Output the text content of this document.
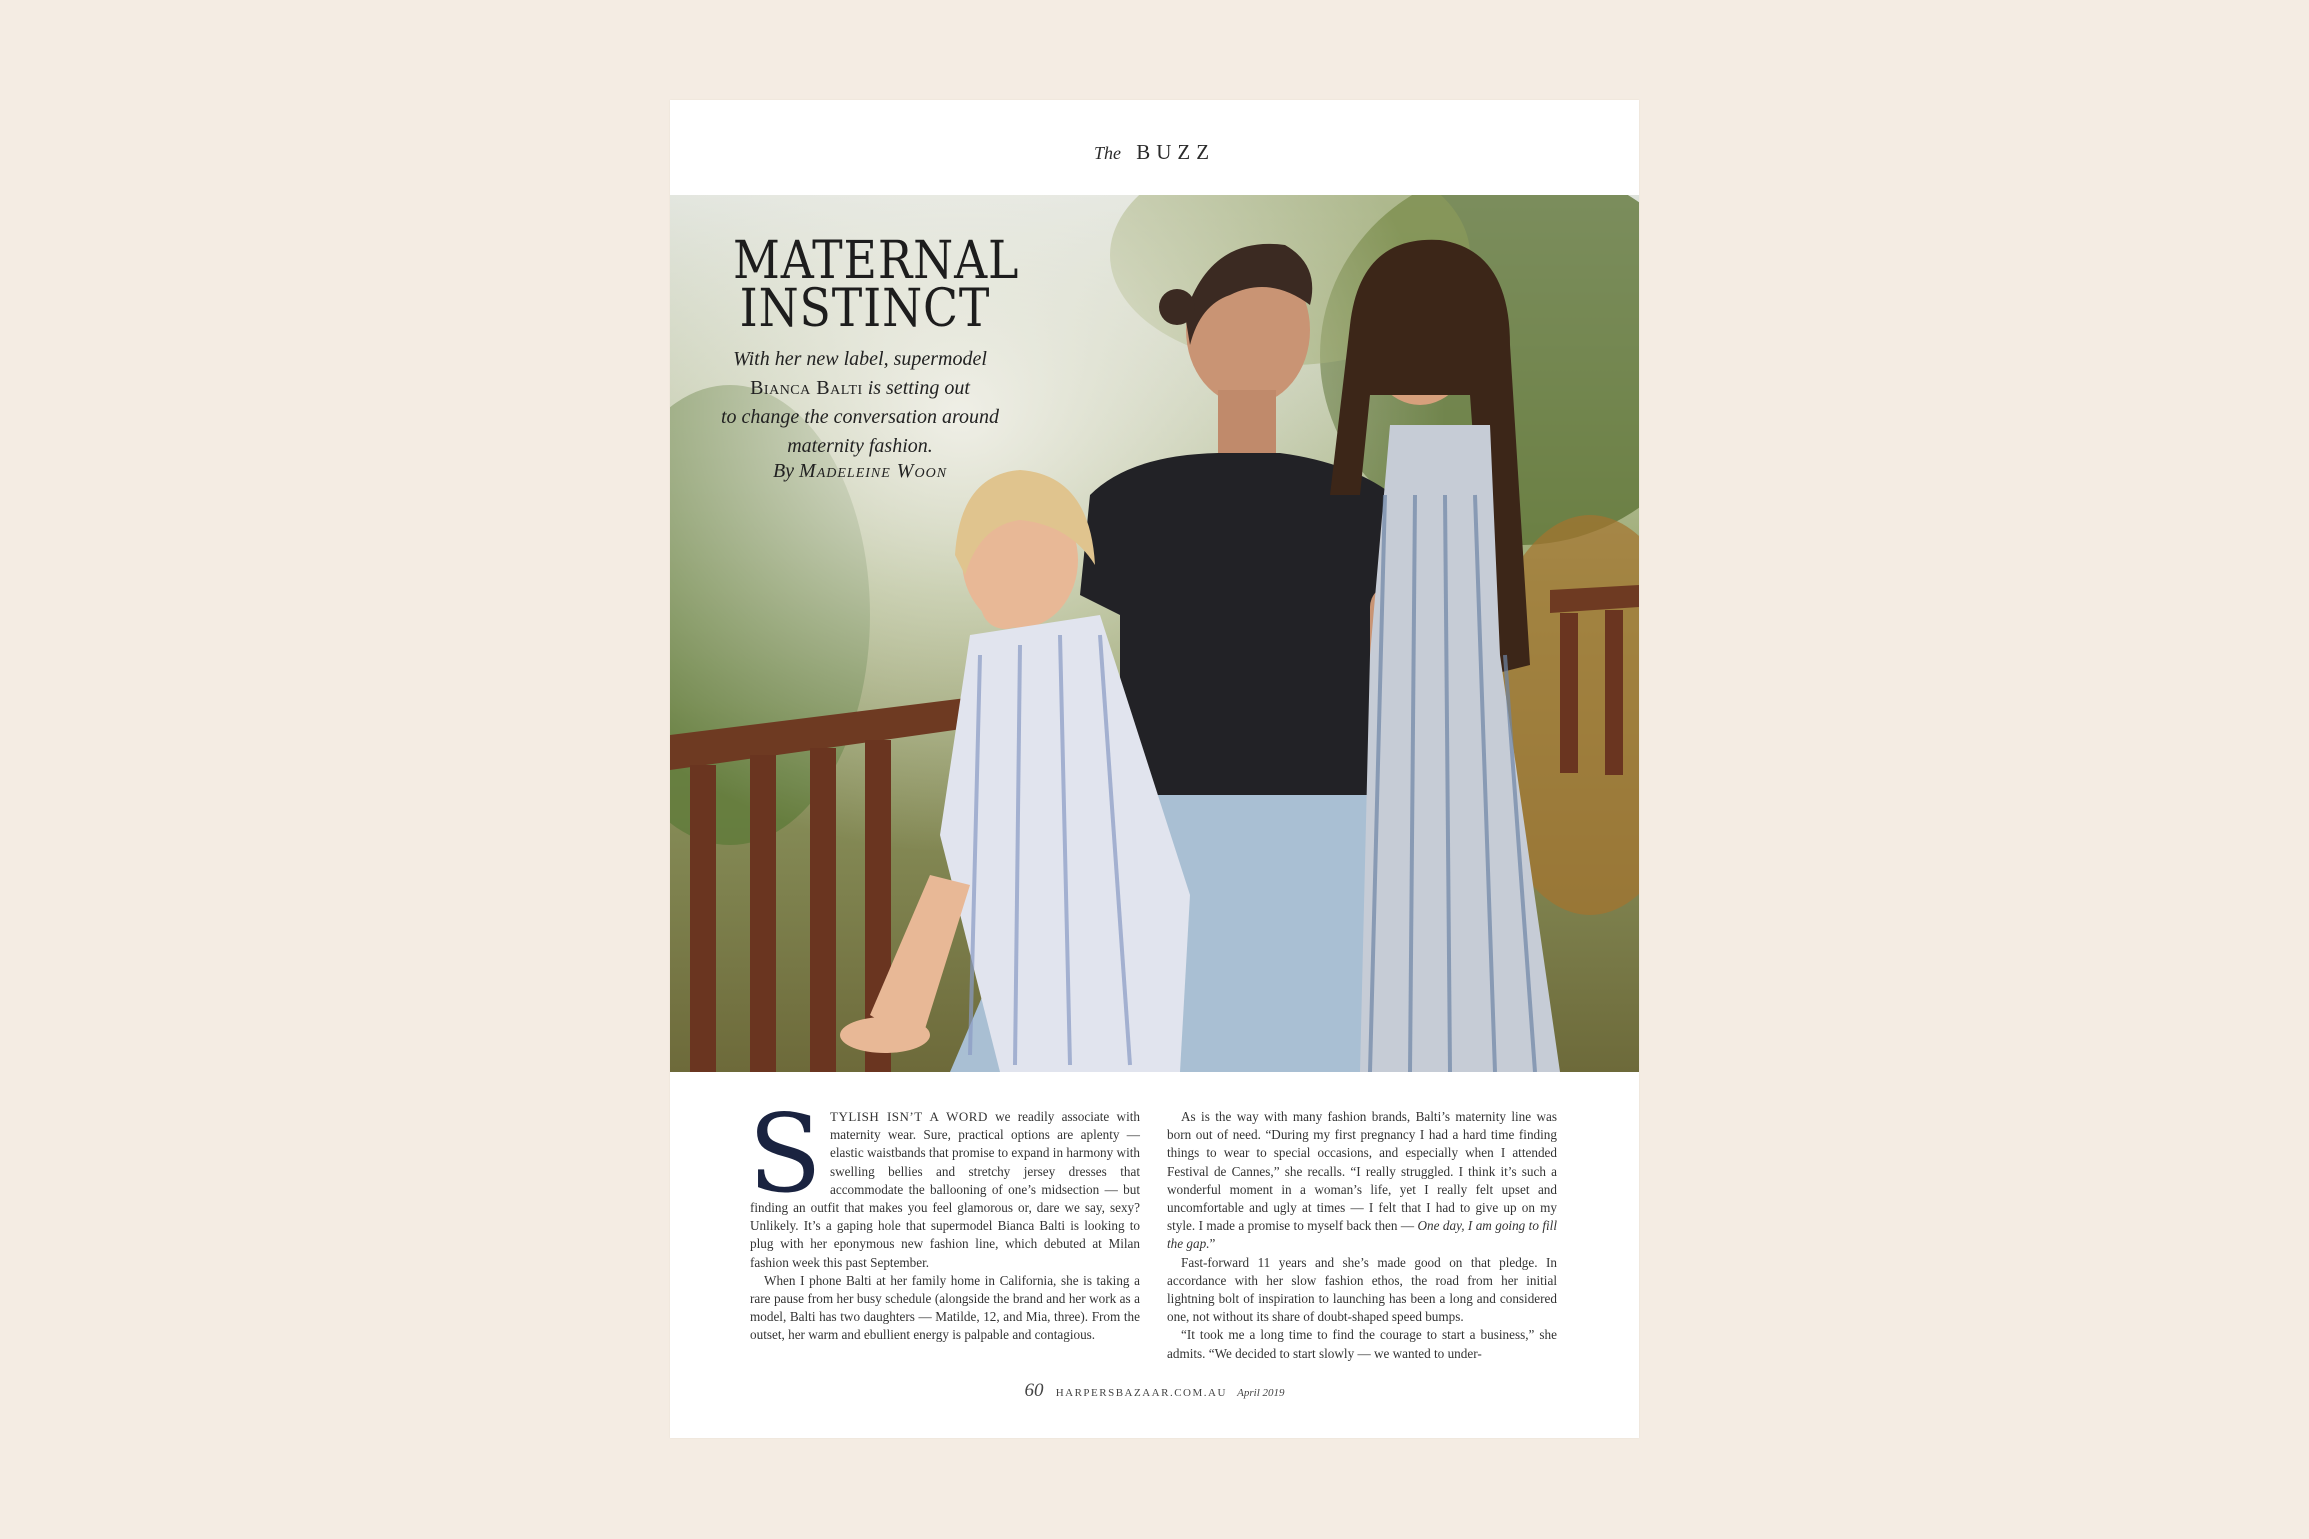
The BUZZ
MATERNAL
INSTINCT
With her new label, supermodel
Bianca Balti is setting out
to change the conversation around
maternity fashion.
By Madeleine Woon

STYLISH ISN’T A WORD we readily associate with maternity wear. Sure, practical options are aplenty — elastic waistbands that promise to expand in harmony with swelling bellies and stretchy jersey dresses that accommodate the ballooning of one’s midsection — but finding an outfit that makes you feel glamorous or, dare we say, sexy? Unlikely. It’s a gaping hole that supermodel Bianca Balti is looking to plug with her eponymous new fashion line, which debuted at Milan fashion week this past September.

When I phone Balti at her family home in California, she is taking a rare pause from her busy schedule (alongside the brand and her work as a model, Balti has two daughters — Matilde, 12, and Mia, three). From the outset, her warm and ebullient energy is palpable and contagious.

As is the way with many fashion brands, Balti’s maternity line was born out of need. “During my first pregnancy I had a hard time finding things to wear to special occasions, and especially when I attended Festival de Cannes,” she recalls. “I really struggled. I think it’s such a wonderful moment in a woman’s life, yet I really felt upset and uncomfortable and ugly at times — I felt that I had to give up on my style. I made a promise to myself back then — One day, I am going to fill the gap.”

Fast-forward 11 years and she’s made good on that pledge. In accordance with her slow fashion ethos, the road from her initial lightning bolt of inspiration to launching has been a long and considered one, not without its share of doubt-shaped speed bumps.

“It took me a long time to find the courage to start a business,” she admits. “We decided to start slowly — we wanted to under-

60 HARPERSBAZAAR.COM.AU April 2019
